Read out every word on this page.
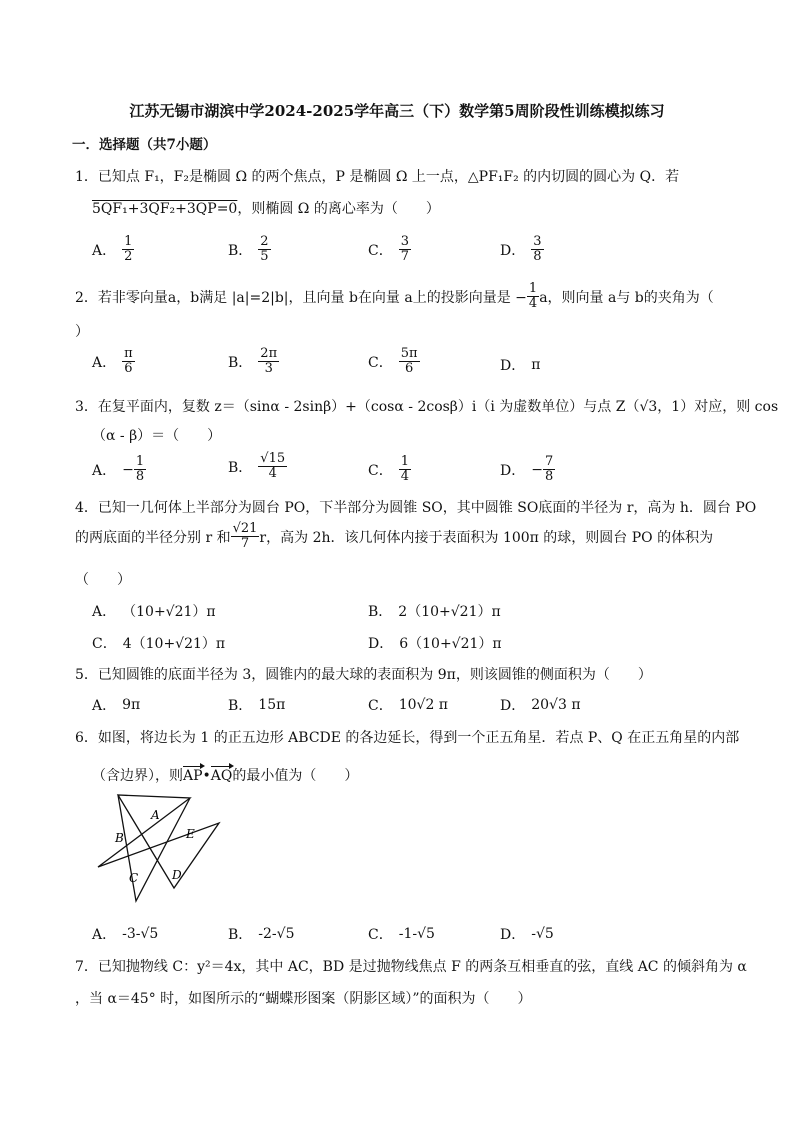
江苏无锡市湖滨中学2024-2025学年高三（下）数学第5周阶段性训练模拟练习
一．选择题（共7小题）
1．已知点 F₁，F₂是椭圆 Ω 的两个焦点，P 是椭圆 Ω 上一点，△PF₁F₂ 的内切圆的圆心为 Q．若
5QF₁+3QF₂+3QP=0，则椭圆 Ω 的离心率为（　　）
A． $\frac{1}{2}$	B． $\frac{2}{5}$	C． $\frac{3}{7}$	D． $\frac{3}{8}$
2．若非零向量 a， b满足 |a|=2|b|，且向量 b在向量 a上的投影向量是 − $\frac{1}{4}$ a，则向量 a与 b的夹角为（
）
A． $\frac{\pi}{6}$	B． $\frac{2\pi}{3}$	C． $\frac{5\pi}{6}$	D． π
3．在复平面内，复数 z＝（sinα - 2sinβ）+（cosα - 2cosβ）i（i 为虚数单位）与点 Z（√3，1）对应，则 cos
（α - β）＝（　　）
A． − $\frac{1}{8}$	B． $\frac{√15}{4}$	C． $\frac{1}{4}$	D． − $\frac{7}{8}$
4．已知一几何体上半部分为圆台 PO，下半部分为圆锥 SO，其中圆锥 SO底面的半径为 r，高为 h．圆台 PO
的两底面的半径分别 r 和 $\frac{√21}{7}$ r，高为 2h．该几何体内接于表面积为 100π 的球，则圆台 PO 的体积为
（　　）
A． （10+√21）π	B． 2（10+√21）π
C． 4（10+√21）π	D． 6（10+√21）π
5．已知圆锥的底面半径为 3，圆锥内的最大球的表面积为 9π，则该圆锥的侧面积为（　　）
A． 9π	B． 15π	C． 10√2 π	D． 20√3 π
6．如图，将边长为 1 的正五边形 ABCDE 的各边延长，得到一个正五角星．若点 P、Q 在正五角星的内部
（含边界），则AP•AQ的最小值为（　　）
A
B
C	D
E
A． -3-√5	B． -2-√5	C． -1-√5	D． -√5
7．已知抛物线 C：y²＝4x，其中 AC，BD 是过抛物线焦点 F 的两条互相垂直的弦，直线 AC 的倾斜角为 α
，当 α＝45° 时，如图所示的“蝴蝶形图案（阴影区域）”的面积为（　　）
